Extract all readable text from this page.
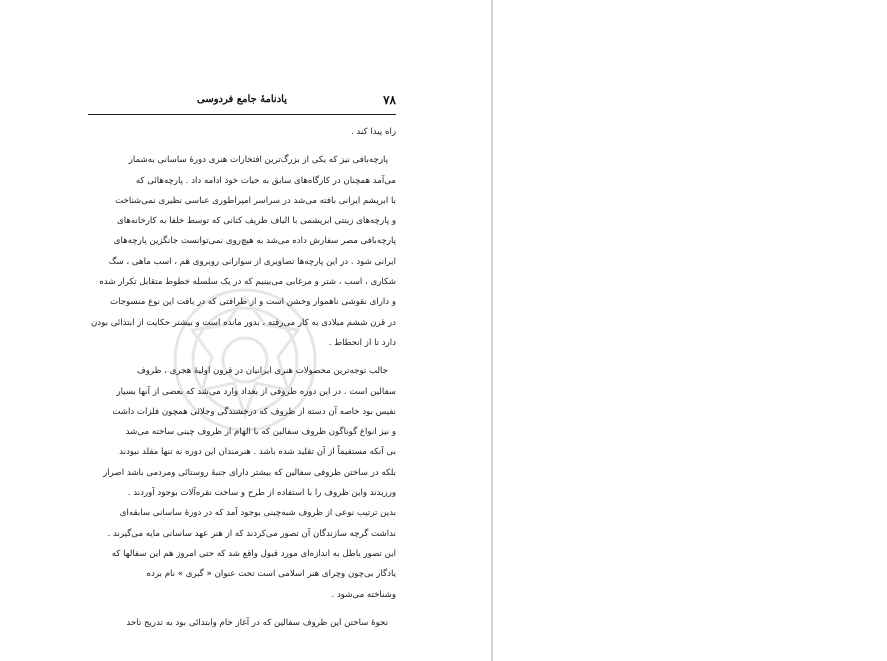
۷۸
یادنامهٔ جامع فردوسی
راه پیدا کند .
پارچه‌بافی نیز که یکی از بزرگ‌ترین افتخارات هنری دورهٔ ساسانی به‌شمار
می‌آمد همچنان در کارگاه‌های سابق به حیات خود ادامه داد . پارچه‌هائی که
با ابریشم ایرانی بافته می‌شد در سراسر امپراطوری عباسی نظیری نمی‌شناخت
و پارچه‌های زینتی ابریشمی با الیاف ظریف کتانی که توسط خلفا به کارخانه‌های
پارچه‌بافی مصر سفارش داده می‌شد به هیچ‌روی نمی‌توانست جانگزین پارچه‌های
ایرانی شود . در این پارچه‌ها تصاویری از سوارانی روبروی هم ، اسب ماهی ، سگ
شکاری ، اسب ، شتر و مرغابی می‌بینیم که در یک سلسله خطوط متقابل تکرار شده
و دارای نقوشی ناهموار وخشن است و از طرافتی که در بافت این نوع منسوجات
در قرن ششم میلادی به کار می‌رفته ، بدور مانده است و بیشتر حکایت از ابتدائی بودن
دارد تا از انحطاط .
جالب توجه‌ترین محصولات هنری ایرانیان در قرون اولیهٔ هجری ، ظروف
سفالین است . در این دوره ظروفی از بغداد وارد می‌شد که بعضی از آنها بسیار
نفیس بود خاصه آن دسته از ظروف که درخشندگی وجلائی همچون فلزات داشت
و نیز انواع گوناگون ظروف سفالین که با الهام از ظروف چینی ساخته می‌شد
بی آنکه مستقیماً از آن تقلید شده باشد . هنرمندان این دوره نه تنها مقلد نبودند
بلکه در ساختن ظروفی سفالین که بیشتر دارای جنبهٔ روستائی ومردمی باشد اصرار
ورزیدند واین ظروف را با استفاده از طرح و ساخت نقره‌آلات بوجود آوردند .
بدین ترتیب نوعی از ظروف شبه‌چینی بوجود آمد که در دورهٔ ساسانی سابقه‌ای
نداشت گرچه سازندگان آن تصور می‌کردند که از هنر عهد ساسانی مایه می‌گیرند .
این تصور باطل به اندازه‌ای مورد قبول واقع شد که حتی امروز هم این سفالها که
یادگار بی‌چون وچرای هنر اسلامی است تحت عنوان « گبری » نام برده
وشناخته می‌شود .
نحوهٔ ساختن این ظروف سفالین که در آغاز خام وابتدائی بود به تدریج تاحد
